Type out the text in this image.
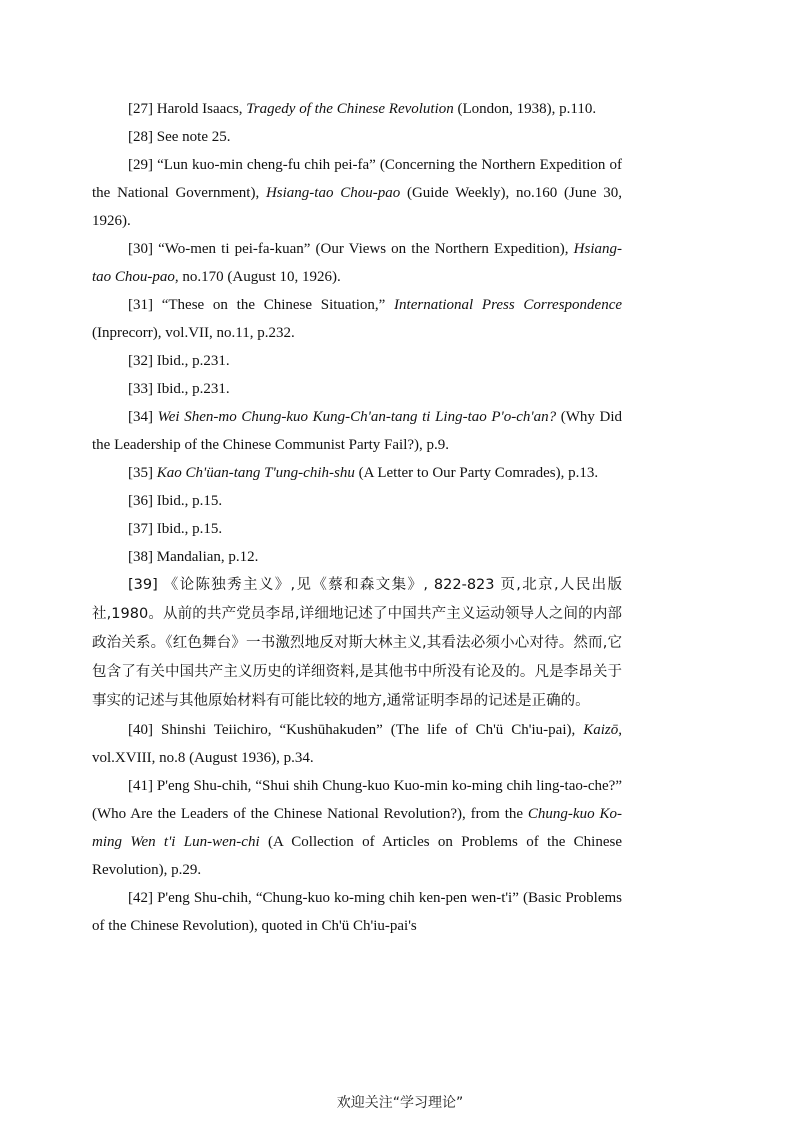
[27] Harold Isaacs, Tragedy of the Chinese Revolution (London, 1938), p.110.

[28] See note 25.

[29] “Lun kuo-min cheng-fu chih pei-fa” (Concerning the Northern Expedition of the National Government), Hsiang-tao Chou-pao (Guide Weekly), no.160 (June 30, 1926).

[30] “Wo-men ti pei-fa-kuan” (Our Views on the Northern Expedition), Hsiang-tao Chou-pao, no.170 (August 10, 1926).

[31] “These on the Chinese Situation,” International Press Correspondence (Inprecorr), vol.VII, no.11, p.232.

[32] Ibid., p.231.

[33] Ibid., p.231.

[34] Wei Shen-mo Chung-kuo Kung-Ch'an-tang ti Ling-tao P'o-ch'an? (Why Did the Leadership of the Chinese Communist Party Fail?), p.9.

[35] Kao Ch'üan-tang T'ung-chih-shu (A Letter to Our Party Comrades), p.13.

[36] Ibid., p.15.

[37] Ibid., p.15.

[38] Mandalian, p.12.

[39] 《论陈独秀主义》,见《蔡和森文集》, 822-823 页,北京,人民出版社,1980。从前的共产党员李昂,详细地记述了中国共产主义运动领导人之间的内部政治关系。《红色舞台》一书激烈地反对斯大林主义,其看法必须小心对待。然而,它包含了有关中国共产主义历史的详细资料,是其他书中所没有论及的。凡是李昂关于事实的记述与其他原始材料有可能比较的地方,通常证明李昂的记述是正确的。

[40] Shinshi Teiichiro, “Kushūhakuden” (The life of Ch'ü Ch'iu-pai), Kaizō, vol.XVIII, no.8 (August 1936), p.34.

[41] P'eng Shu-chih, “Shui shih Chung-kuo Kuo-min ko-ming chih ling-tao-che?” (Who Are the Leaders of the Chinese National Revolution?), from the Chung-kuo Ko-ming Wen t'i Lun-wen-chi (A Collection of Articles on Problems of the Chinese Revolution), p.29.

[42] P'eng Shu-chih, “Chung-kuo ko-ming chih ken-pen wen-t'i” (Basic Problems of the Chinese Revolution), quoted in Ch'ü Ch'iu-pai's

欢迎关注“学习理论”
